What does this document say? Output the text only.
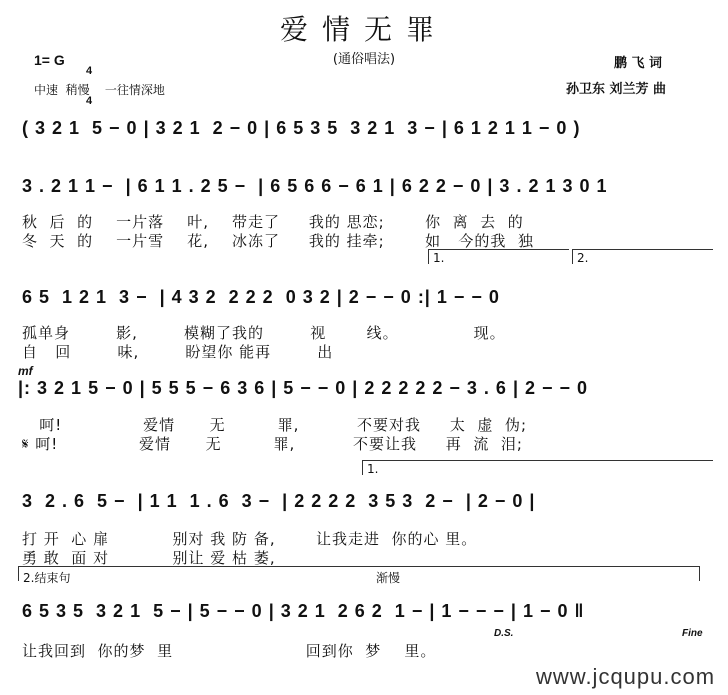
爱情无罪
(通俗唱法)
1= G

4

4

中速  稍慢    一往情深地
鹏 飞 词
孙卫东 刘兰芳 曲
( 3 2 1  5 − 0 | 3 2 1  2 − 0 | 6 5 3 5  3 2 1  3 − | 6 1 2 1 1 − 0 )
3 . 2 1 1 −  | 6 1 1 . 2 5 −  | 6 5 6 6 − 6 1 | 6 2 2 − 0 | 3 . 2 1 3 0 1
秋  后  的    一片落    叶,    带走了     我的 思恋;       你  离  去  的
冬  天  的    一片雪    花,    冰冻了     我的 挂牵;       如   今的我  独
1.	2.
6 5  1 2 1  3 −  | 4 3 2  2 2 2  0 3 2 | 2 − − 0 :| 1 − − 0
孤单身        影,        模糊了我的        视       线。             现。
自   回        味,        盼望你 能再        出
mf
|: 3 2 1 5 − 0 | 5 5 5 − 6 3 6 | 5 − − 0 | 2 2 2 2 2 − 3 . 6 | 2 − − 0
呵!              爱情      无         罪,          不要对我     太  虚  伪;
𝄋 呵!              爱情      无         罪,          不要让我     再  流  泪;
1.
3  2 . 6  5 −  | 1 1  1 . 6  3 −  | 2 2 2 2  3 5 3  2 −  | 2 − 0 |
打 开  心 扉           别对 我 防 备,       让我走进  你的心 里。
勇 敢  面 对           别让 爱 枯 萎,
2.结束句	渐慢
6 5 3 5  3 2 1  5 − | 5 − − 0 | 3 2 1  2 6 2  1 − | 1 − − − | 1 − 0 ‖
D.S.	Fine
让我回到  你的梦  里                       回到你  梦    里。
www.jcqupu.com
